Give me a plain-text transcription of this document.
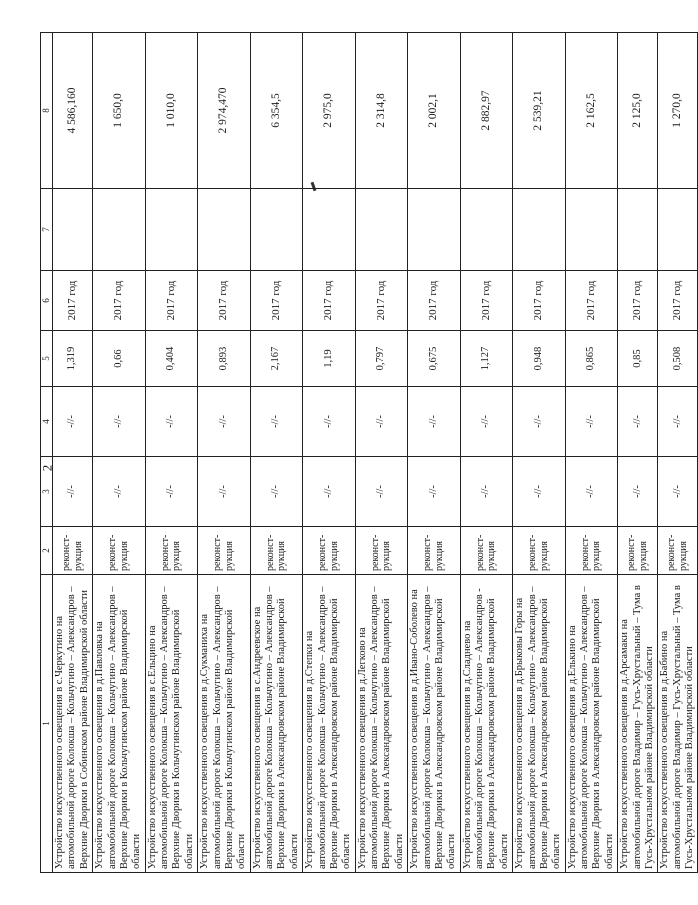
2
1	2	3	4	5	6	7	8
Устройство искусственного освещения в с.Черкутино на автомобильной дороге Колокша – Кольчугино – Александров – Верхние Дворики в Собинском районе Владимирской области	реконст-рукция	-//-	-//-	1,319	2017 год		4 586,160
Устройство искусственного освещения в д.Павловка на автомобильной дороге Колокша – Кольчугино – Александров – Верхние Дворики в Кольчугинском районе Владимирской области	реконст-рукция	-//-	-//-	0,66	2017 год		1 650,0
Устройство искусственного освещения в с.Ельцино на автомобильной дороге Колокша – Кольчугино – Александров – Верхние Дворики в Кольчугинском районе Владимирской области	реконст-рукция	-//-	-//-	0,404	2017 год		1 010,0
Устройство искусственного освещения в д.Сукманиха на автомобильной дороге Колокша – Кольчугино – Александров – Верхние Дворики в Кольчугинском районе Владимирской области	реконст-рукция	-//-	-//-	0,893	2017 год		2 974,470
Устройство искусственного освещения в с.Андреевское на автомобильной дороге Колокша – Кольчугино – Александров – Верхние Дворики в Александровском районе Владимирской области	реконст-рукция	-//-	-//-	2,167	2017 год		6 354,5
Устройство искусственного освещения в д.Степки на автомобильной дороге Колокша – Кольчугино – Александров – Верхние Дворики в Александровском районе Владимирской области	реконст-рукция	-//-	-//-	1,19	2017 год		2 975,0
Устройство искусственного освещения в д.Легково на автомобильной дороге Колокша – Кольчугино – Александров – Верхние Дворики в Александровском районе Владимирской области	реконст-рукция	-//-	-//-	0,797	2017 год		2 314,8
Устройство искусственного освещения в д.Ивано-Соболево на автомобильной дороге Колокша – Кольчугино – Александров – Верхние Дворики в Александровском районе Владимирской области	реконст-рукция	-//-	-//-	0,675	2017 год		2 002,1
Устройство искусственного освещения в д.Сладнево на автомобильной дороге Колокша – Кольчугино – Александров - Верхние Дворики в Александровском районе Владимирской области	реконст-рукция	-//-	-//-	1,127	2017 год		2 882,97
Устройство искусственного освещения в д.Брыковы Горы на автомобильной дороге Колокша – Кольчугино – Александров – Верхние Дворики в Александровском районе Владимирской области	реконст-рукция	-//-	-//-	0,948	2017 год		2 539,21
Устройство искусственного освещения в д.Елькино на автомобильной дороге Колокша – Кольчугино – Александров – Верхние Дворики в Александровском районе Владимирской области	реконст-рукция	-//-	-//-	0,865	2017 год		2 162,5
Устройство искусственного освещения в д.Арсамаки на автомобильной дороге Владимир – Гусь-Хрустальный – Тума в Гусь-Хрустальном районе Владимирской области	реконст-рукция	-//-	-//-	0,85	2017 год		2 125,0
Устройство искусственного освещения в д.Бабино на автомобильной дороге Владимир – Гусь-Хрустальный – Тума в Гусь-Хрустальном районе Владимирской области	реконст-рукция	-//-	-//-	0,508	2017 год		1 270,0
